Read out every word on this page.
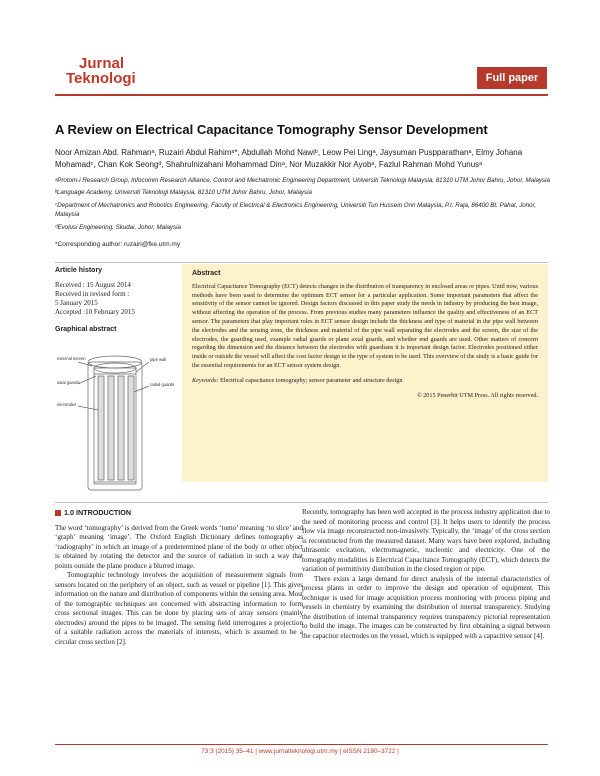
Jurnal
Teknologi	Full paper
A Review on Electrical Capacitance Tomography Sensor Development
Noor Amizan Abd. Rahmanᵃ, Ruzairi Abdul Rahimᵃ*, Abdullah Mohd Nawiᵇ, Leow Pei Lingᵃ, Jaysuman Puspparathanᵃ, Elmy Johana Mohamadᶜ, Chan Kok Seongᵈ, Shahrulnizahani Mohammad Dinᵃ, Nor Muzakkir Nor Ayobᵃ, Fazlul Rahman Mohd Yunusᵃ

ᵃProtom-i Research Group, Infocomm Research Alliance, Control and Mechatronic Engineering Department, Universiti Teknologi Malaysia, 81310 UTM Johor Bahru, Johor, Malaysia

ᵇLanguage Academy, Universiti Teknologi Malaysia, 81310 UTM Johor Bahru, Johor, Malaysia

ᶜDepartment of Mechatronics and Robotics Engineering, Faculty of Electrical & Electronics Engineering, Universiti Tun Hussein Onn Malaysia, P.t. Raja, 86400 Bt. Pahat, Johor, Malaysia

ᵈEvolusi Engineering, Skudai, Johor, Malaysia

*Corresponding author: ruzairi@fke.utm.my
Article history
Received : 15 August 2014
Received in revised form :
5 January 2015
Accepted :10 February 2015
Graphical abstract
external screen	pipe wall
axial guards	radial guards
electrodes
Abstract

Electrical Capacitance Tomography (ECT) detects changes in the distribution of transparency in enclosed areas or pipes. Until now, various methods have been used to determine the optimum ECT sensor for a particular application. Some important parameters that affect the sensitivity of the sensor cannot be ignored. Design factors discussed in this paper study the needs in industry by producing the best image, without affecting the operation of the process. From previous studies many parameters influence the quality and effectiveness of an ECT sensor. The parameters that play important roles in ECT sensor design include the thickness and type of material in the pipe wall between the electrodes and the sensing zone, the thickness and material of the pipe wall separating the electrodes and the screen, the size of the electrodes, the guarding used, example radial guards or plane axial guards, and whether end guards are used. Other matters of concern regarding the dimension and the distance between the electrodes with guardians it is important design factor. Electrodes positioned either inside or outside the vessel will affect the cost factor design to the type of system to be used. This overview of the study is a basic guide for the essential requirements for an ECT sensor system design.

Keywords: Electrical capacitance tomography; sensor parameter and structure design

© 2015 Penerbit UTM Press. All rights reserved.

1.0 INTRODUCTION

The word ‘tomography’ is derived from the Greek words ‘tomo’ meaning ‘to slice’ and ‘graph’ meaning ‘image’. The Oxford English Dictionary defines tomography as ‘radiography’ in which an image of a predetermined plane of the body or other object is obtained by rotating the detector and the source of radiation in such a way that points outside the plane produce a blurred image.

Tomographic technology involves the acquisition of measurement signals from sensors located on the periphery of an object, such as vessel or pipeline [1]. This gives information on the nature and distribution of components within the sensing area. Most of the tomographic techniques are concerned with abstracting information to form cross sectional images. This can be done by placing sets of array sensors (mainly electrodes) around the pipes to be imaged. The sensing field interrogates a projection of a suitable radiation across the materials of interests, which is assumed to be a circular cross section [2].

Recently, tomography has been well accepted in the process industry application due to the need of monitoring process and control [3]. It helps users to identify the process flow via image reconstructed non-invasively. Typically, the ‘image’ of the cross section is reconstructed from the measured dataset. Many ways have been explored, including ultrasonic excitation, electromagnetic, nucleonic and electricity. One of the tomography modalities is Electrical Capacitance Tomography (ECT), which detects the variation of permittivity distribution in the closed region or pipe.

There exists a large demand for direct analysis of the internal characteristics of process plants in order to improve the design and operation of equipment. This technique is used for image acquisition process monitoring with process piping and vessels in chemistry by examining the distribution of internal transparency. Studying the distribution of internal transparency requires transparency pictorial representation to build the image. The images can be constructed by first obtaining a signal between the capacitor electrodes on the vessel, which is equipped with a capacitive sensor [4].

73:3 (2015) 35–41 | www.jurnalteknologi.utm.my | eISSN 2180–3722 |
